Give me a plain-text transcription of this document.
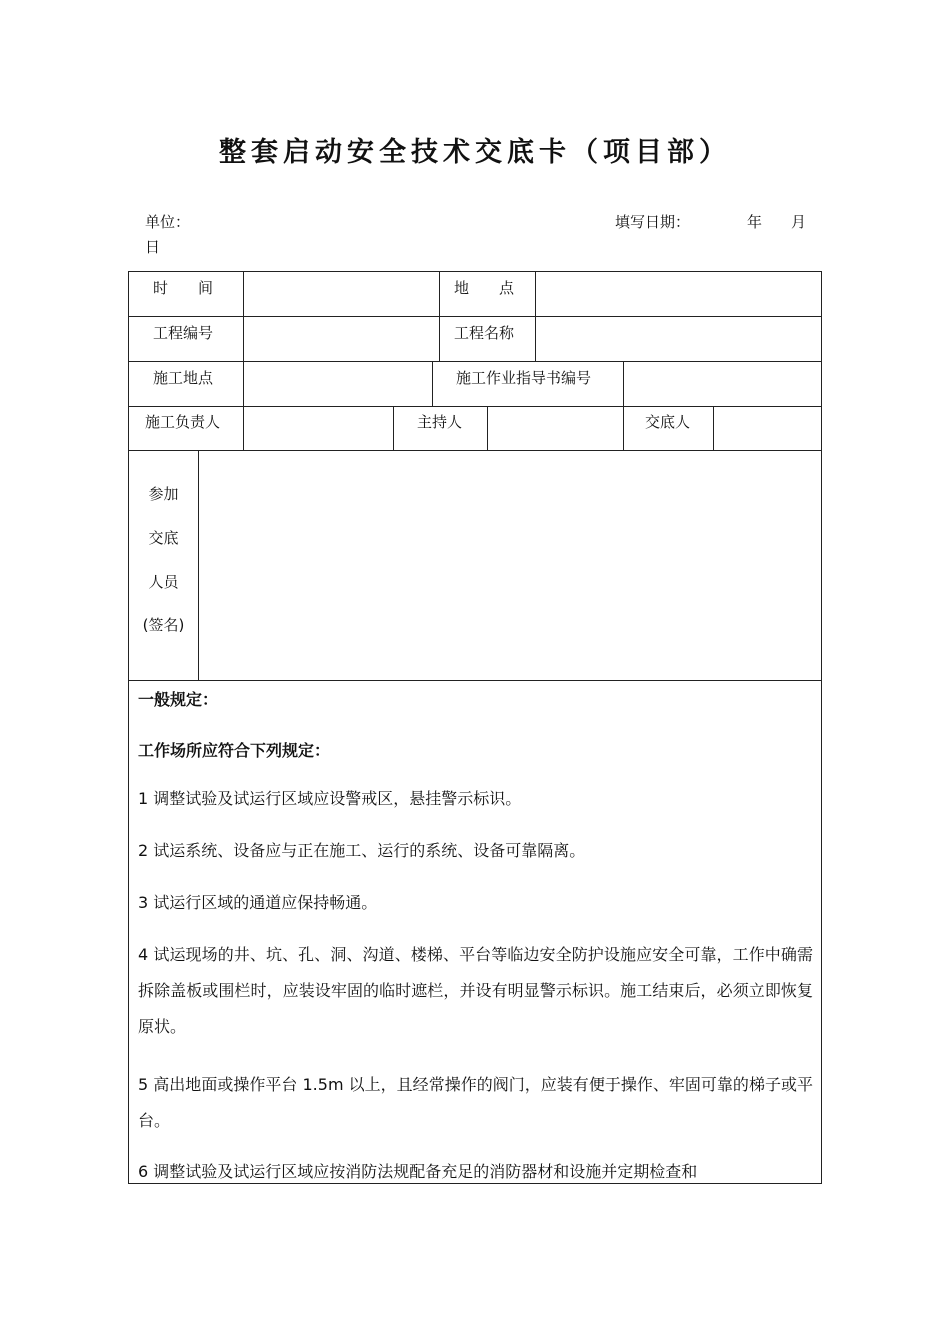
整套启动安全技术交底卡（项目部）
单位：	填写日期：	年 月
日
时　　间	地　　点
工程编号	工程名称
施工地点	施工作业指导书编号
施工负责人	主持人	交底人
参加
交底
人员
(签名)
一般规定：
工作场所应符合下列规定：
1 调整试验及试运行区域应设警戒区，悬挂警示标识。
2 试运系统、设备应与正在施工、运行的系统、设备可靠隔离。
3 试运行区域的通道应保持畅通。
4 试运现场的井、坑、孔、洞、沟道、楼梯、平台等临边安全防护设施应安全可靠，工作中确需拆除盖板或围栏时，应装设牢固的临时遮栏，并设有明显警示标识。施工结束后，必须立即恢复原状。
5 高出地面或操作平台 1.5m 以上，且经常操作的阀门，应装有便于操作、牢固可靠的梯子或平台。
6 调整试验及试运行区域应按消防法规配备充足的消防器材和设施并定期检查和
